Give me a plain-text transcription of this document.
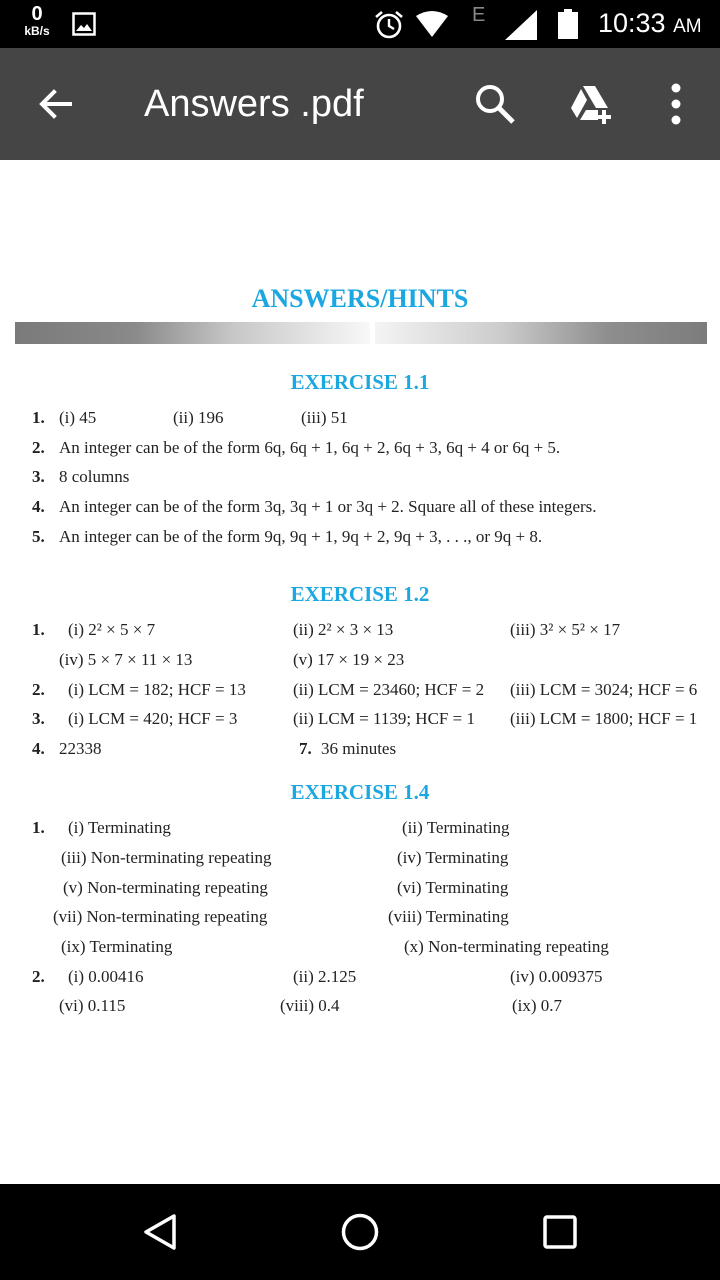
0
kB/s
E	10:33 AM
Answers .pdf
ANSWERS/HINTS
EXERCISE 1.1
1. (i) 45	(ii) 196	(iii) 51
2. An integer can be of the form 6q, 6q + 1, 6q + 2, 6q + 3, 6q + 4 or 6q + 5.
3. 8 columns
4. An integer can be of the form 3q, 3q + 1 or 3q + 2. Square all of these integers.
5. An integer can be of the form 9q, 9q + 1, 9q + 2, 9q + 3, . . ., or 9q + 8.
EXERCISE 1.2
1. (i) 2² × 5 × 7	(ii) 2² × 3 × 13	(iii) 3² × 5² × 17
(iv) 5 × 7 × 11 × 13	(v) 17 × 19 × 23
2. (i) LCM = 182; HCF = 13	(ii) LCM = 23460; HCF = 2 (iii) LCM = 3024; HCF = 6
3. (i) LCM = 420; HCF = 3	(ii) LCM = 1139; HCF = 1 (iii) LCM = 1800; HCF = 1
4. 22338	7. 36 minutes
EXERCISE 1.4
1. (i) Terminating	(ii) Terminating
(iii) Non-terminating repeating	(iv) Terminating
(v) Non-terminating repeating	(vi) Terminating
(vii) Non-terminating repeating	(viii) Terminating
(ix) Terminating	(x) Non-terminating repeating
2. (i) 0.00416	(ii) 2.125	(iv) 0.009375
(vi) 0.115	(viii) 0.4	(ix) 0.7
